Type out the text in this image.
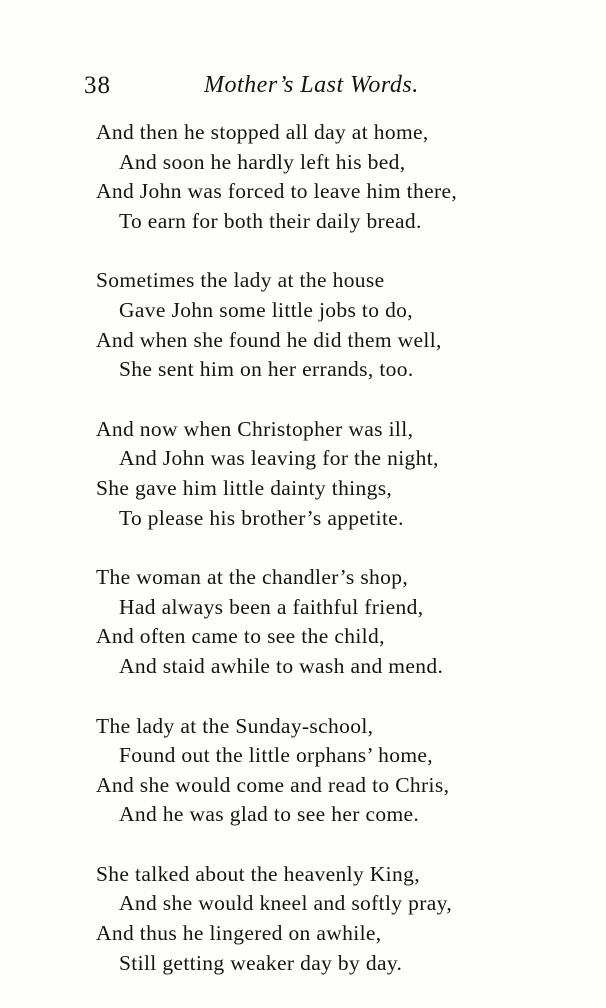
38	Mother’s Last Words.
And then he stopped all day at home,
And soon he hardly left his bed,
And John was forced to leave him there,
To earn for both their daily bread.
Sometimes the lady at the house
Gave John some little jobs to do,
And when she found he did them well,
She sent him on her errands, too.
And now when Christopher was ill,
And John was leaving for the night,
She gave him little dainty things,
To please his brother’s appetite.
The woman at the chandler’s shop,
Had always been a faithful friend,
And often came to see the child,
And staid awhile to wash and mend.
The lady at the Sunday-school,
Found out the little orphans’ home,
And she would come and read to Chris,
And he was glad to see her come.
She talked about the heavenly King,
And she would kneel and softly pray,
And thus he lingered on awhile,
Still getting weaker day by day.
